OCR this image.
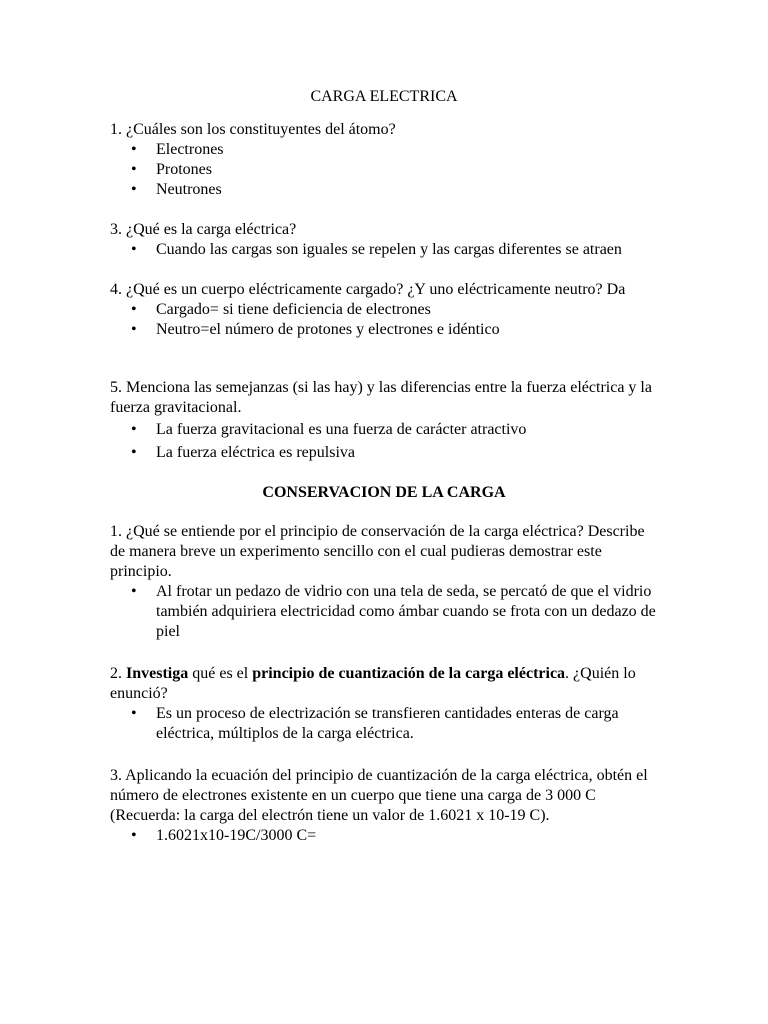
CARGA ELECTRICA

1. ¿Cuáles son los constituyentes del átomo?

• Electrones
• Protones
• Neutrones

3. ¿Qué es la carga eléctrica?

• Cuando las cargas son iguales se repelen y las cargas diferentes se atraen

4. ¿Qué es un cuerpo eléctricamente cargado? ¿Y uno eléctricamente neutro? Da

• Cargado= si tiene deficiencia de electrones
• Neutro=el número de protones y electrones e idéntico

5. Menciona las semejanzas (si las hay) y las diferencias entre la fuerza eléctrica y la fuerza gravitacional.

• La fuerza gravitacional es una fuerza de carácter atractivo
• La fuerza eléctrica es repulsiva
CONSERVACION DE LA CARGA

1. ¿Qué se entiende por el principio de conservación de la carga eléctrica? Describe de manera breve un experimento sencillo con el cual pudieras demostrar este principio.

• Al frotar un pedazo de vidrio con una tela de seda, se percató de que el vidrio también adquiriera electricidad como ámbar cuando se frota con un dedazo de piel

2. Investiga qué es el principio de cuantización de la carga eléctrica. ¿Quién lo enunció?

• Es un proceso de electrización se transfieren cantidades enteras de carga eléctrica, múltiplos de la carga eléctrica.

3. Aplicando la ecuación del principio de cuantización de la carga eléctrica, obtén el número de electrones existente en un cuerpo que tiene una carga de 3 000 C (Recuerda: la carga del electrón tiene un valor de 1.6021 x 10-19 C).

• 1.6021x10-19C/3000 C=
